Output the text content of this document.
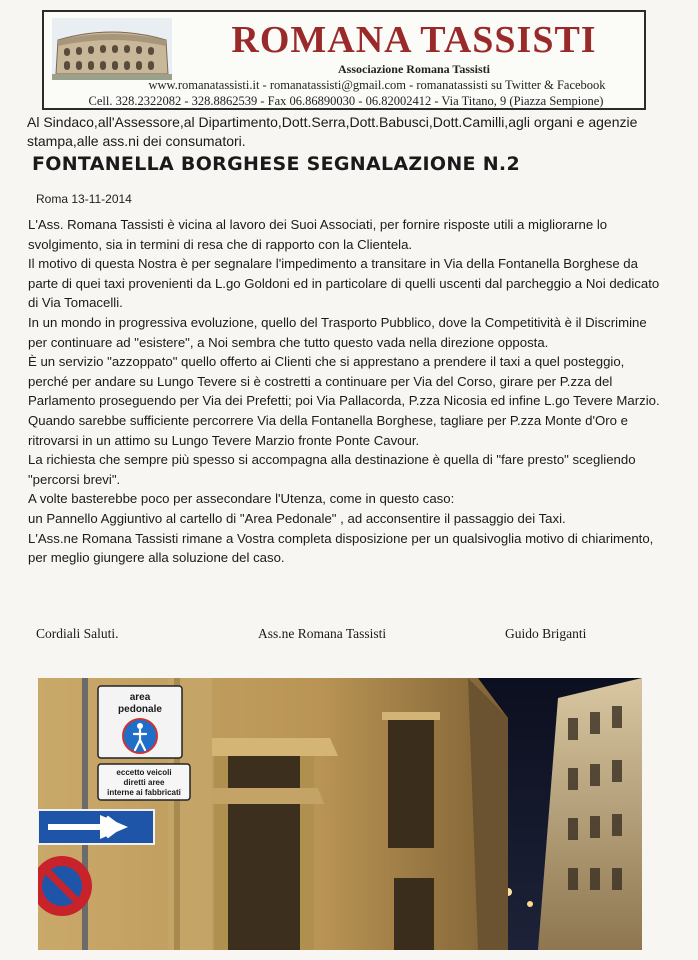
ROMANA TASSISTI
Associazione Romana Tassisti
www.romanatassisti.it - romanatassisti@gmail.com - romanatassisti su Twitter & Facebook
Cell. 328.2322082 - 328.8862539 - Fax 06.86890030 - 06.82002412 - Via Titano, 9 (Piazza Sempione)
Al Sindaco,all'Assessore,al Dipartimento,Dott.Serra,Dott.Babusci,Dott.Camilli,agli organi e agenzie stampa,alle ass.ni dei consumatori.
FONTANELLA BORGHESE SEGNALAZIONE N.2
Roma 13-11-2014

L'Ass. Romana Tassisti è vicina al lavoro dei Suoi Associati, per fornire risposte utili a migliorarne lo svolgimento, sia in termini di resa che di rapporto con la Clientela.

Il motivo di questa Nostra è per segnalare l'impedimento a transitare in Via della Fontanella Borghese da parte di quei taxi provenienti da L.go Goldoni ed in particolare di quelli uscenti dal parcheggio a Noi dedicato di Via Tomacelli.

In un mondo in progressiva evoluzione, quello del Trasporto Pubblico, dove la Competitività è il Discrimine per continuare ad "esistere", a Noi sembra che tutto questo vada nella direzione opposta.

È un servizio "azzoppato" quello offerto ai Clienti che si apprestano a prendere il taxi a quel posteggio, perché per andare su Lungo Tevere si è costretti a continuare per Via del Corso, girare per P.zza del Parlamento proseguendo per Via dei Prefetti; poi Via Pallacorda, P.zza Nicosia ed infine L.go Tevere Marzio.

Quando sarebbe sufficiente percorrere Via della Fontanella Borghese, tagliare per P.zza Monte d'Oro e ritrovarsi in un attimo su Lungo Tevere Marzio fronte Ponte Cavour.

La richiesta che sempre più spesso si accompagna alla destinazione è quella di "fare presto" scegliendo "percorsi brevi".

A volte basterebbe poco per assecondare l'Utenza, come in questo caso:

un Pannello Aggiuntivo al cartello di "Area Pedonale" , ad acconsentire il passaggio dei Taxi.

L'Ass.ne Romana Tassisti rimane a Vostra completa disposizione per un qualsivoglia motivo di chiarimento, per meglio giungere alla soluzione del caso.

Cordiali Saluti.	Ass.ne Romana Tassisti	Guido Briganti
area
pedonale
eccetto veicoli
diretti aree
interne ai fabbricati
